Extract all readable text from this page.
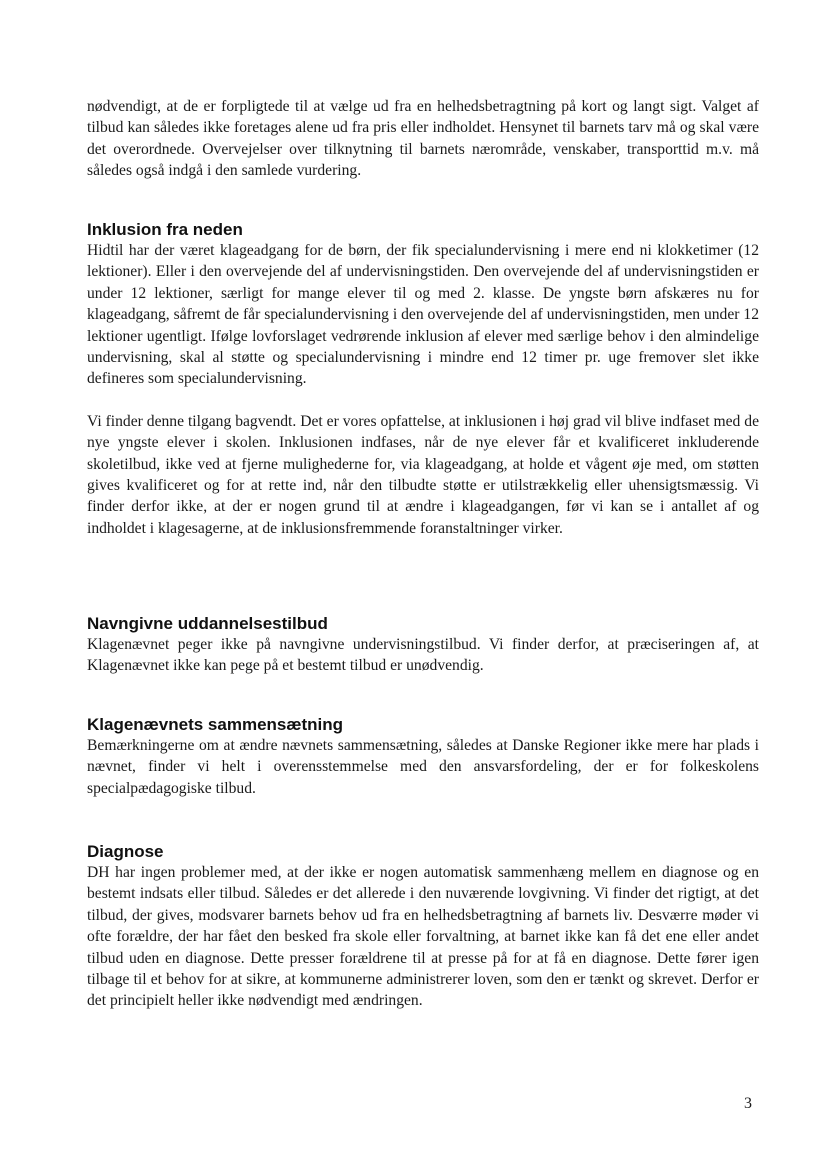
nødvendigt, at de er forpligtede til at vælge ud fra en helhedsbetragtning på kort og langt sigt. Valget af tilbud kan således ikke foretages alene ud fra pris eller indholdet. Hensynet til barnets tarv må og skal være det overordnede. Overvejelser over tilknytning til barnets nærområde, venskaber, transporttid m.v. må således også indgå i den samlede vurdering.

Inklusion fra neden

Hidtil har der været klageadgang for de børn, der fik specialundervisning i mere end ni klokketimer (12 lektioner). Eller i den overvejende del af undervisningstiden. Den overvejende del af undervisningstiden er under 12 lektioner, særligt for mange elever til og med 2. klasse. De yngste børn afskæres nu for klageadgang, såfremt de får specialundervisning i den overvejende del af undervisningstiden, men under 12 lektioner ugentligt. Ifølge lovforslaget vedrørende inklusion af elever med særlige behov i den almindelige undervisning, skal al støtte og specialundervisning i mindre end 12 timer pr. uge fremover slet ikke defineres som specialundervisning.

Vi finder denne tilgang bagvendt. Det er vores opfattelse, at inklusionen i høj grad vil blive indfaset med de nye yngste elever i skolen. Inklusionen indfases, når de nye elever får et kvalificeret inkluderende skoletilbud, ikke ved at fjerne mulighederne for, via klageadgang, at holde et vågent øje med, om støtten gives kvalificeret og for at rette ind, når den tilbudte støtte er utilstrækkelig eller uhensigtsmæssig. Vi finder derfor ikke, at der er nogen grund til at ændre i klageadgangen, før vi kan se i antallet af og indholdet i klagesagerne, at de inklusionsfremmende foranstaltninger virker.

Navngivne uddannelsestilbud

Klagenævnet peger ikke på navngivne undervisningstilbud. Vi finder derfor, at præciseringen af, at Klagenævnet ikke kan pege på et bestemt tilbud er unødvendig.

Klagenævnets sammensætning

Bemærkningerne om at ændre nævnets sammensætning, således at Danske Regioner ikke mere har plads i nævnet, finder vi helt i overensstemmelse med den ansvarsfordeling, der er for folkeskolens specialpædagogiske tilbud.

Diagnose

DH har ingen problemer med, at der ikke er nogen automatisk sammenhæng mellem en diagnose og en bestemt indsats eller tilbud. Således er det allerede i den nuværende lovgivning. Vi finder det rigtigt, at det tilbud, der gives, modsvarer barnets behov ud fra en helhedsbetragtning af barnets liv. Desværre møder vi ofte forældre, der har fået den besked fra skole eller forvaltning, at barnet ikke kan få det ene eller andet tilbud uden en diagnose. Dette presser forældrene til at presse på for at få en diagnose. Dette fører igen tilbage til et behov for at sikre, at kommunerne administrerer loven, som den er tænkt og skrevet. Derfor er det principielt heller ikke nødvendigt med ændringen.

3
